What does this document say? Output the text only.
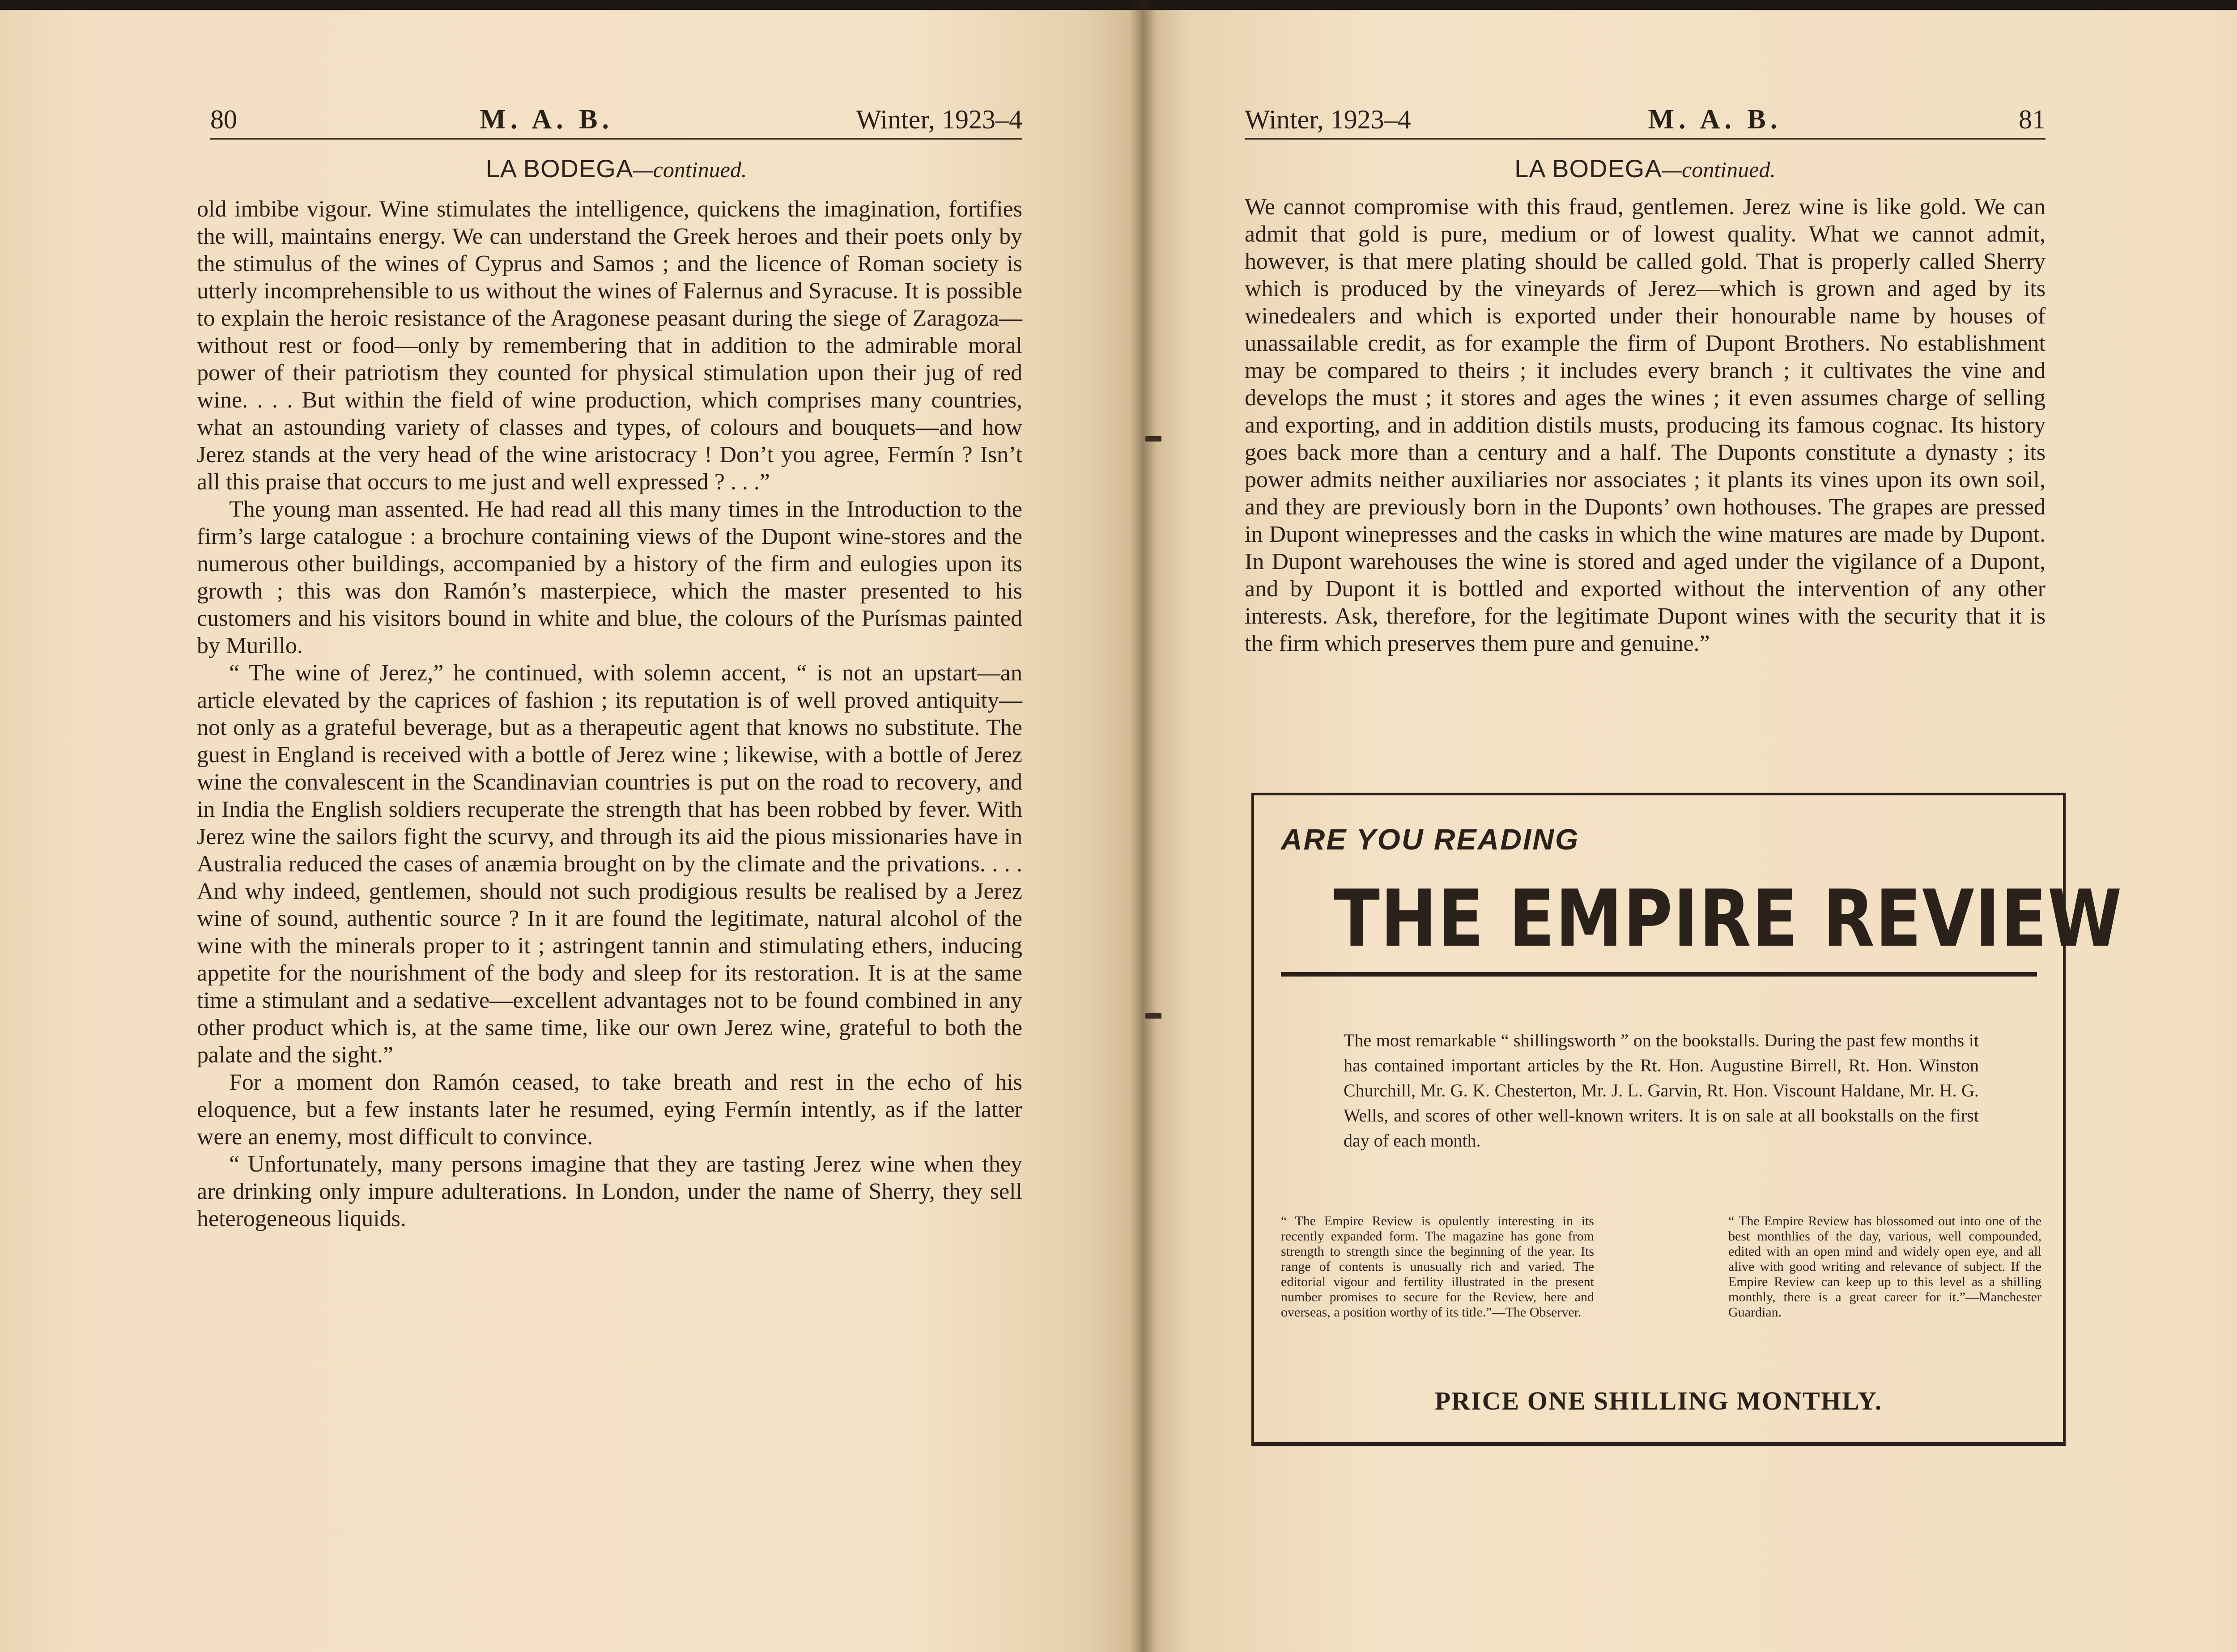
80	M. A. B.	Winter, 1923–4
LA BODEGA—continued.

old imbibe vigour. Wine stimulates the intelligence, quickens the imagination, fortifies the will, maintains energy. We can understand the Greek heroes and their poets only by the stimulus of the wines of Cyprus and Samos ; and the licence of Roman society is utterly incomprehensible to us without the wines of Falernus and Syracuse. It is possible to explain the heroic resistance of the Aragonese peasant during the siege of Zaragoza—without rest or food—only by remembering that in addition to the admirable moral power of their patriotism they counted for physical stimulation upon their jug of red wine. . . . But within the field of wine production, which comprises many countries, what an astounding variety of classes and types, of colours and bouquets—and how Jerez stands at the very head of the wine aristocracy ! Don’t you agree, Fermín ? Isn’t all this praise that occurs to me just and well expressed ? . . .”

The young man assented. He had read all this many times in the Introduction to the firm’s large catalogue : a brochure containing views of the Dupont wine-stores and the numerous other buildings, accompanied by a history of the firm and eulogies upon its growth ; this was don Ramón’s masterpiece, which the master presented to his customers and his visitors bound in white and blue, the colours of the Purísmas painted by Murillo.

“ The wine of Jerez,” he continued, with solemn accent, “ is not an upstart—an article elevated by the caprices of fashion ; its reputation is of well proved antiquity—not only as a grateful beverage, but as a therapeutic agent that knows no substitute. The guest in England is received with a bottle of Jerez wine ; likewise, with a bottle of Jerez wine the convalescent in the Scandinavian countries is put on the road to recovery, and in India the English soldiers recuperate the strength that has been robbed by fever. With Jerez wine the sailors fight the scurvy, and through its aid the pious missionaries have in Australia reduced the cases of anæmia brought on by the climate and the privations. . . . And why indeed, gentlemen, should not such prodigious results be realised by a Jerez wine of sound, authentic source ? In it are found the legitimate, natural alcohol of the wine with the minerals proper to it ; astringent tannin and stimulating ethers, inducing appetite for the nourishment of the body and sleep for its restoration. It is at the same time a stimulant and a sedative—excellent advantages not to be found combined in any other product which is, at the same time, like our own Jerez wine, grateful to both the palate and the sight.”

For a moment don Ramón ceased, to take breath and rest in the echo of his eloquence, but a few instants later he resumed, eying Fermín intently, as if the latter were an enemy, most difficult to convince.

“ Unfortunately, many persons imagine that they are tasting Jerez wine when they are drinking only impure adulterations. In London, under the name of Sherry, they sell heterogeneous liquids.

Winter, 1923–4	M. A. B.	81
LA BODEGA—continued.

We cannot compromise with this fraud, gentlemen. Jerez wine is like gold. We can admit that gold is pure, medium or of lowest quality. What we cannot admit, however, is that mere plating should be called gold. That is properly called Sherry which is produced by the vineyards of Jerez—which is grown and aged by its winedealers and which is exported under their honourable name by houses of unassailable credit, as for example the firm of Dupont Brothers. No establishment may be compared to theirs ; it includes every branch ; it cultivates the vine and develops the must ; it stores and ages the wines ; it even assumes charge of selling and exporting, and in addition distils musts, producing its famous cognac. Its history goes back more than a century and a half. The Duponts constitute a dynasty ; its power admits neither auxiliaries nor associates ; it plants its vines upon its own soil, and they are previously born in the Duponts’ own hothouses. The grapes are pressed in Dupont winepresses and the casks in which the wine matures are made by Dupont. In Dupont warehouses the wine is stored and aged under the vigilance of a Dupont, and by Dupont it is bottled and exported without the intervention of any other interests. Ask, therefore, for the legitimate Dupont wines with the security that it is the firm which preserves them pure and genuine.”

ARE YOU READING
THE EMPIRE REVIEW
The most remarkable “ shillingsworth ” on the bookstalls. During the past few months it has contained important articles by the Rt. Hon. Augustine Birrell, Rt. Hon. Winston Churchill, Mr. G. K. Chesterton, Mr. J. L. Garvin, Rt. Hon. Viscount Haldane, Mr. H. G. Wells, and scores of other well-known writers. It is on sale at all bookstalls on the first day of each month.
“ The Empire Review is opulently interesting in its recently expanded form. The magazine has gone from strength to strength since the beginning of the year. Its range of contents is unusually rich and varied. The editorial vigour and fertility illustrated in the present number promises to secure for the Review, here and overseas, a position worthy of its title.”—The Observer.
“ The Empire Review has blossomed out into one of the best monthlies of the day, various, well compounded, edited with an open mind and widely open eye, and all alive with good writing and relevance of subject. If the Empire Review can keep up to this level as a shilling monthly, there is a great career for it.”—Manchester Guardian.
PRICE ONE SHILLING MONTHLY.
